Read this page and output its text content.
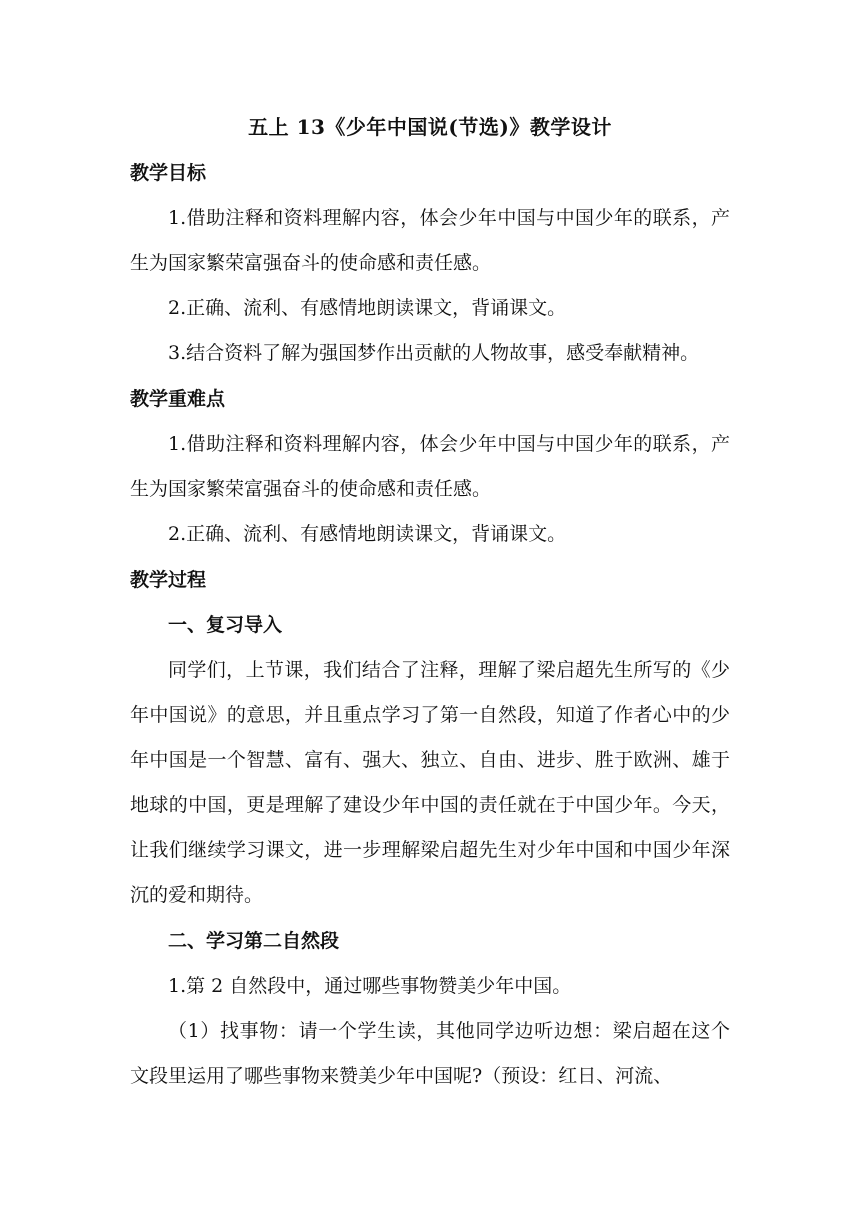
五上 13《少年中国说(节选)》教学设计
教学目标

1.借助注释和资料理解内容，体会少年中国与中国少年的联系，产生为国家繁荣富强奋斗的使命感和责任感。

2.正确、流利、有感情地朗读课文，背诵课文。

3.结合资料了解为强国梦作出贡献的人物故事，感受奉献精神。

教学重难点

1.借助注释和资料理解内容，体会少年中国与中国少年的联系，产生为国家繁荣富强奋斗的使命感和责任感。

2.正确、流利、有感情地朗读课文，背诵课文。

教学过程
一、复习导入

同学们，上节课，我们结合了注释，理解了梁启超先生所写的《少年中国说》的意思，并且重点学习了第一自然段，知道了作者心中的少年中国是一个智慧、富有、强大、独立、自由、进步、胜于欧洲、雄于地球的中国，更是理解了建设少年中国的责任就在于中国少年。今天，让我们继续学习课文，进一步理解梁启超先生对少年中国和中国少年深沉的爱和期待。

二、学习第二自然段

1.第 2 自然段中，通过哪些事物赞美少年中国。

（1）找事物：请一个学生读，其他同学边听边想：梁启超在这个文段里运用了哪些事物来赞美少年中国呢?（预设：红日、河流、
